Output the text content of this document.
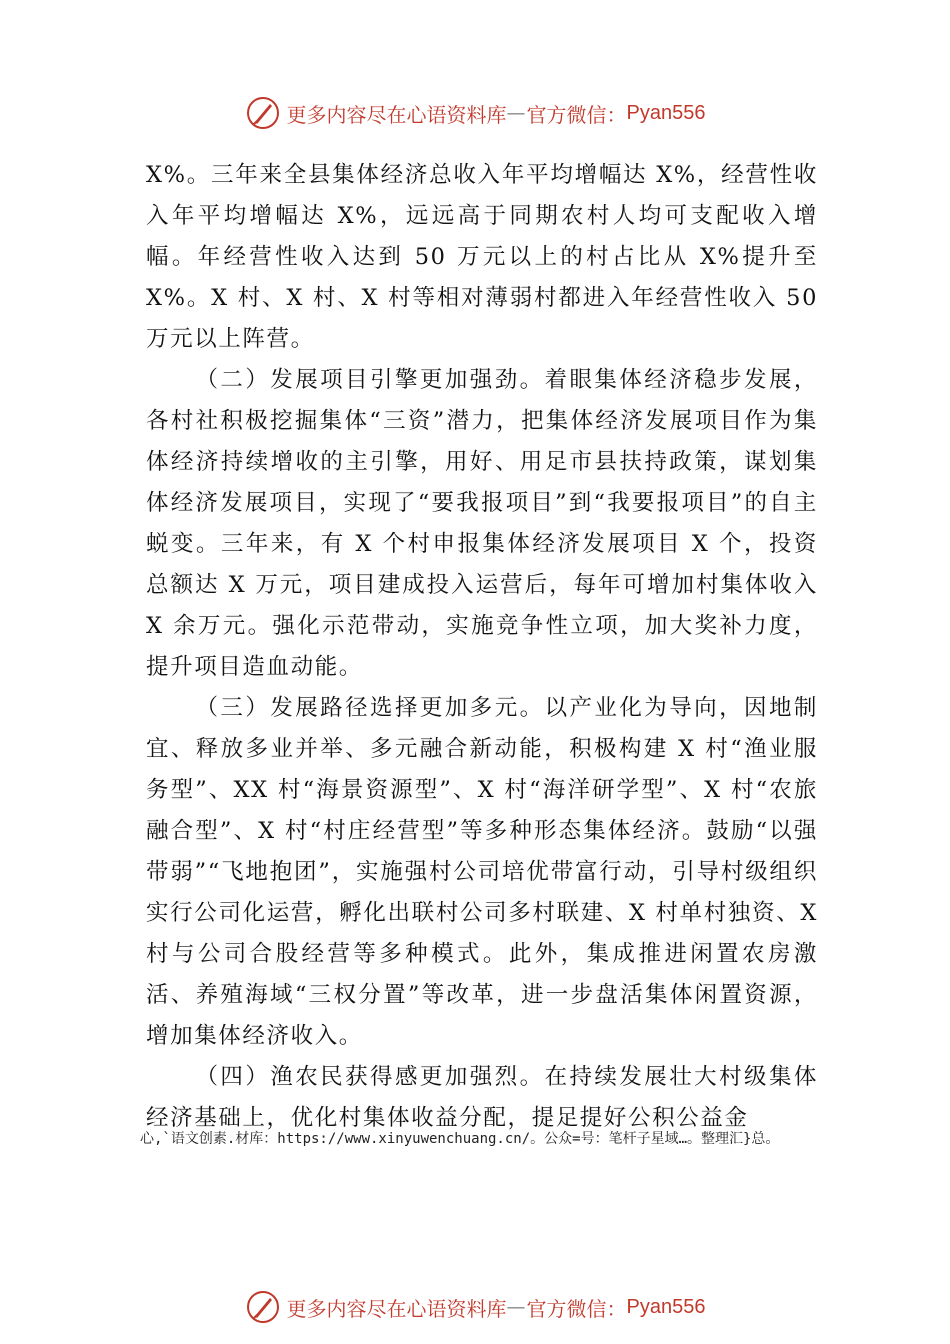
更多内容尽在心语资料库 — 官方微信： Pyan556

X%。三年来全县集体经济总收入年平均增幅达 X%，经营性收入年平均增幅达 X%，远远高于同期农村人均可支配收入增幅。年经营性收入达到 50 万元以上的村占比从 X%提升至 X%。X 村、X 村、X 村等相对薄弱村都进入年经营性收入 50 万元以上阵营。

（二）发展项目引擎更加强劲。着眼集体经济稳步发展，各村社积极挖掘集体“三资”潜力，把集体经济发展项目作为集体经济持续增收的主引擎，用好、用足市县扶持政策，谋划集体经济发展项目，实现了“要我报项目”到“我要报项目”的自主蜕变。三年来，有 X 个村申报集体经济发展项目 X 个，投资总额达 X 万元，项目建成投入运营后，每年可增加村集体收入 X 余万元。强化示范带动，实施竞争性立项，加大奖补力度，提升项目造血动能。

（三）发展路径选择更加多元。以产业化为导向，因地制宜、释放多业并举、多元融合新动能，积极构建 X 村“渔业服务型”、XX 村“海景资源型”、X 村“海洋研学型”、X 村“农旅融合型”、X 村“村庄经营型”等多种形态集体经济。鼓励“以强带弱”“飞地抱团”，实施强村公司培优带富行动，引导村级组织实行公司化运营，孵化出联村公司多村联建、X 村单村独资、X 村与公司合股经营等多种模式。此外，集成推进闲置农房激活、养殖海域“三权分置”等改革，进一步盘活集体闲置资源，增加集体经济收入。

（四）渔农民获得感更加强烈。在持续发展壮大村级集体经济基础上，优化村集体收益分配，提足提好公积公益金

心,`语文创素.材库：https://www.xinyuwenchuang.cn/。公众=号：笔杆子星域…。整理汇}总。
更多内容尽在心语资料库 — 官方微信： Pyan556
